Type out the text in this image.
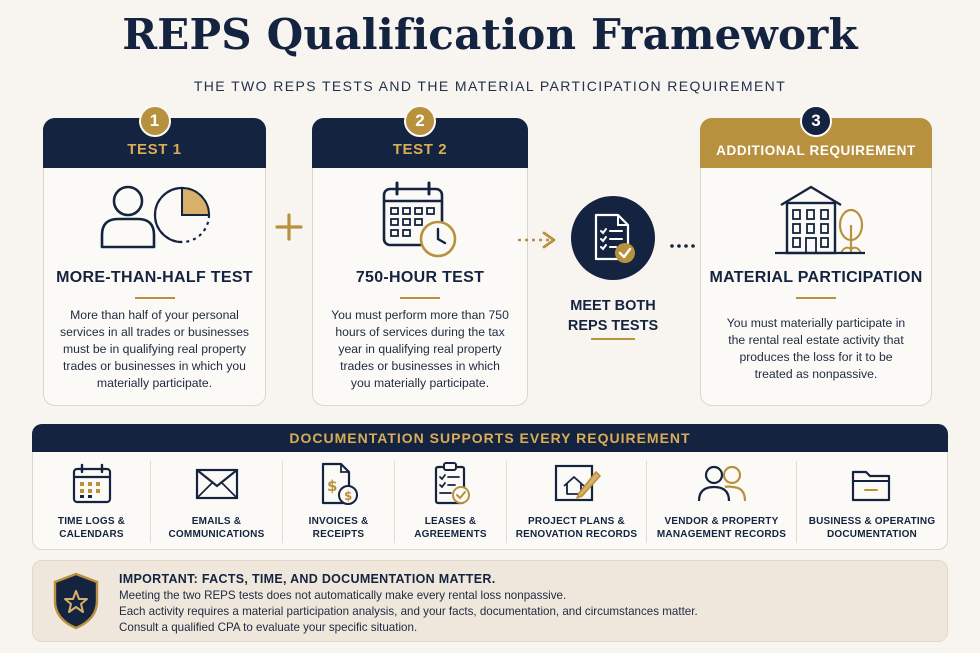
REPS Qualification Framework
THE TWO REPS TESTS AND THE MATERIAL PARTICIPATION REQUIREMENT
1
TEST 1
MORE-THAN-HALF TEST
More than half of your personal services in all trades or businesses must be in qualifying real property trades or businesses in which you materially participate.
2
TEST 2
750-HOUR TEST
You must perform more than 750 hours of services during the tax year in qualifying real property trades or businesses in which you materially participate.
MEET BOTH
REPS TESTS
3
ADDITIONAL REQUIREMENT
MATERIAL PARTICIPATION
You must materially participate in the rental real estate activity that produces the loss for it to be treated as nonpassive.
DOCUMENTATION SUPPORTS EVERY REQUIREMENT
TIME LOGS &
CALENDARS
EMAILS &
COMMUNICATIONS
$
$
INVOICES &
RECEIPTS
LEASES &
AGREEMENTS
PROJECT PLANS &
RENOVATION RECORDS
VENDOR & PROPERTY
MANAGEMENT RECORDS
BUSINESS & OPERATING
DOCUMENTATION
IMPORTANT: FACTS, TIME, AND DOCUMENTATION MATTER.
Meeting the two REPS tests does not automatically make every rental loss nonpassive.
Each activity requires a material participation analysis, and your facts, documentation, and circumstances matter.
Consult a qualified CPA to evaluate your specific situation.
